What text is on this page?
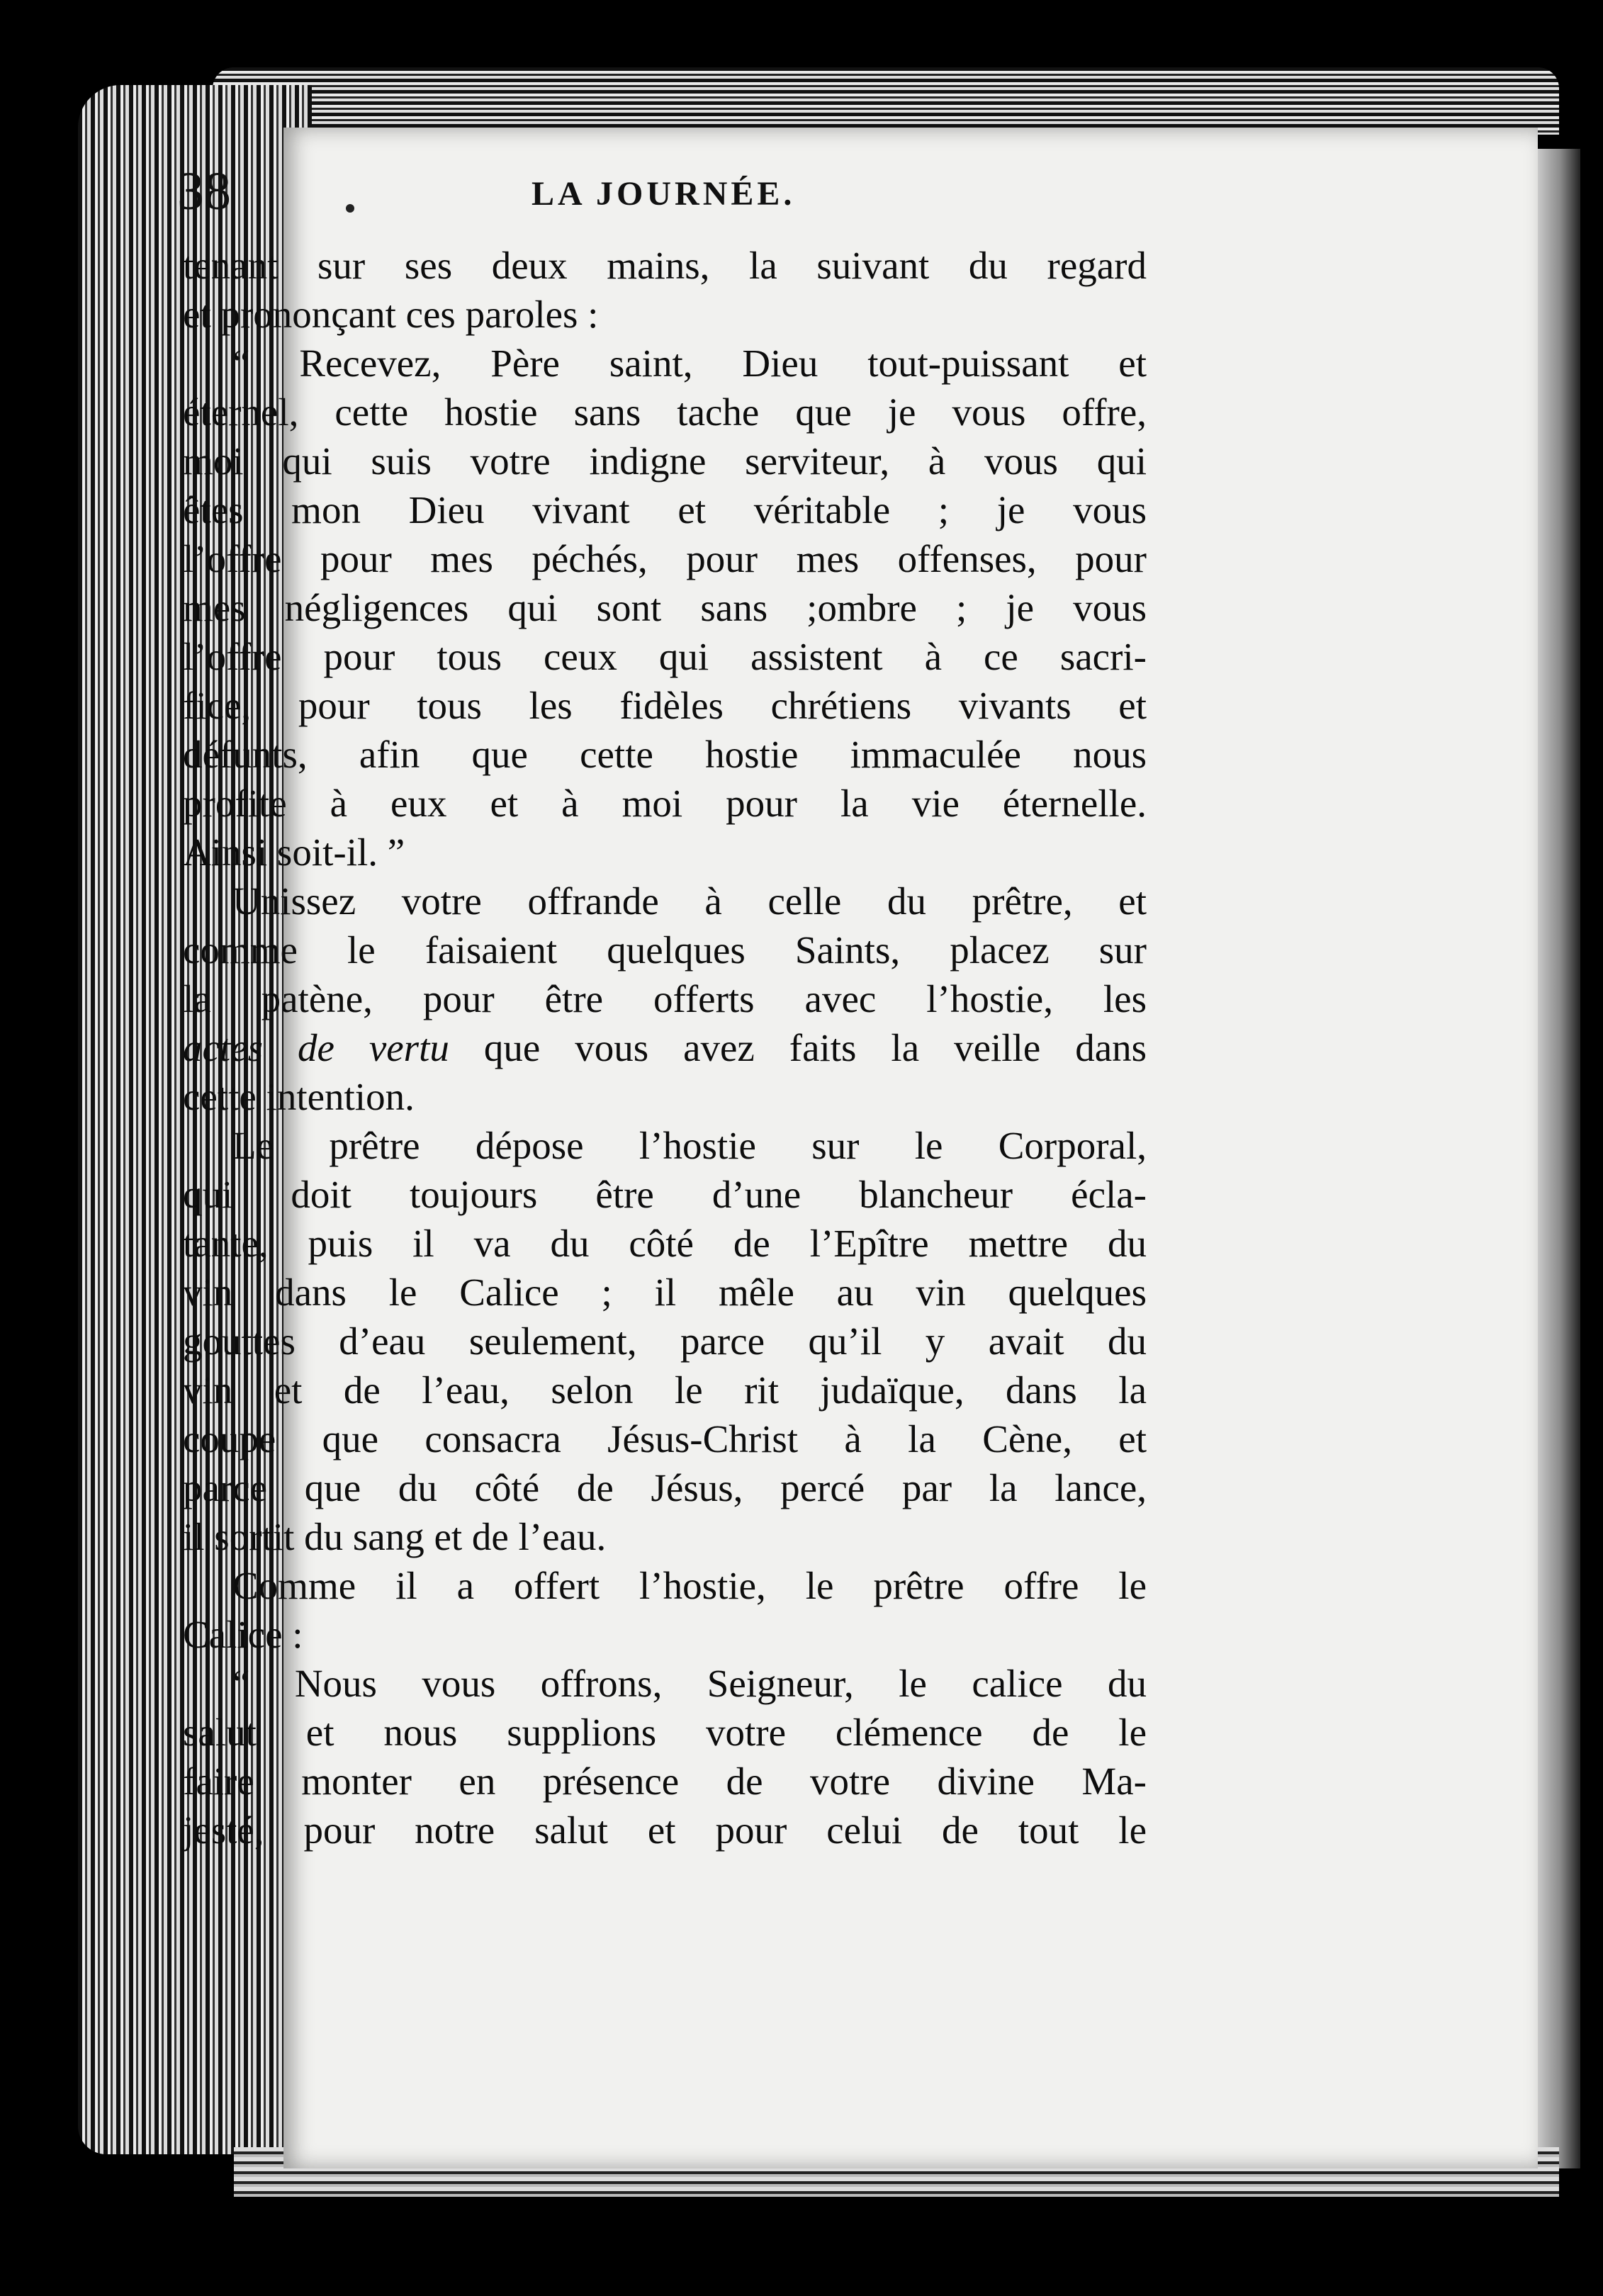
38	LA JOURNÉE.
tenant sur ses deux mains, la suivant du regard
et prononçant ces paroles :
“ Recevez, Père saint, Dieu tout-puissant et
éternel, cette hostie sans tache que je vous offre,
moi qui suis votre indigne serviteur, à vous qui
êtes mon Dieu vivant et véritable ; je vous
l’offre pour mes péchés, pour mes offenses, pour
mes négligences qui sont sans ;ombre ; je vous
l’offre pour tous ceux qui assistent à ce sacri-
fice, pour tous les fidèles chrétiens vivants et
défunts, afin que cette hostie immaculée nous
profite à eux et à moi pour la vie éternelle.
Ainsi soit-il. ”
Unissez votre offrande à celle du prêtre, et
comme le faisaient quelques Saints, placez sur
la patène, pour être offerts avec l’hostie, les
actes de vertu que vous avez faits la veille dans
cette intention.
Le prêtre dépose l’hostie sur le Corporal,
qui doit toujours être d’une blancheur écla-
tante, puis il va du côté de l’Epître mettre du
vin dans le Calice ; il mêle au vin quelques
gouttes d’eau seulement, parce qu’il y avait du
vin et de l’eau, selon le rit judaïque, dans la
coupe que consacra Jésus-Christ à la Cène, et
parce que du côté de Jésus, percé par la lance,
il sortit du sang et de l’eau.
Comme il a offert l’hostie, le prêtre offre le
Calice :
“ Nous vous offrons, Seigneur, le calice du
salut et nous supplions votre clémence de le
faire monter en présence de votre divine Ma-
jesté, pour notre salut et pour celui de tout le
